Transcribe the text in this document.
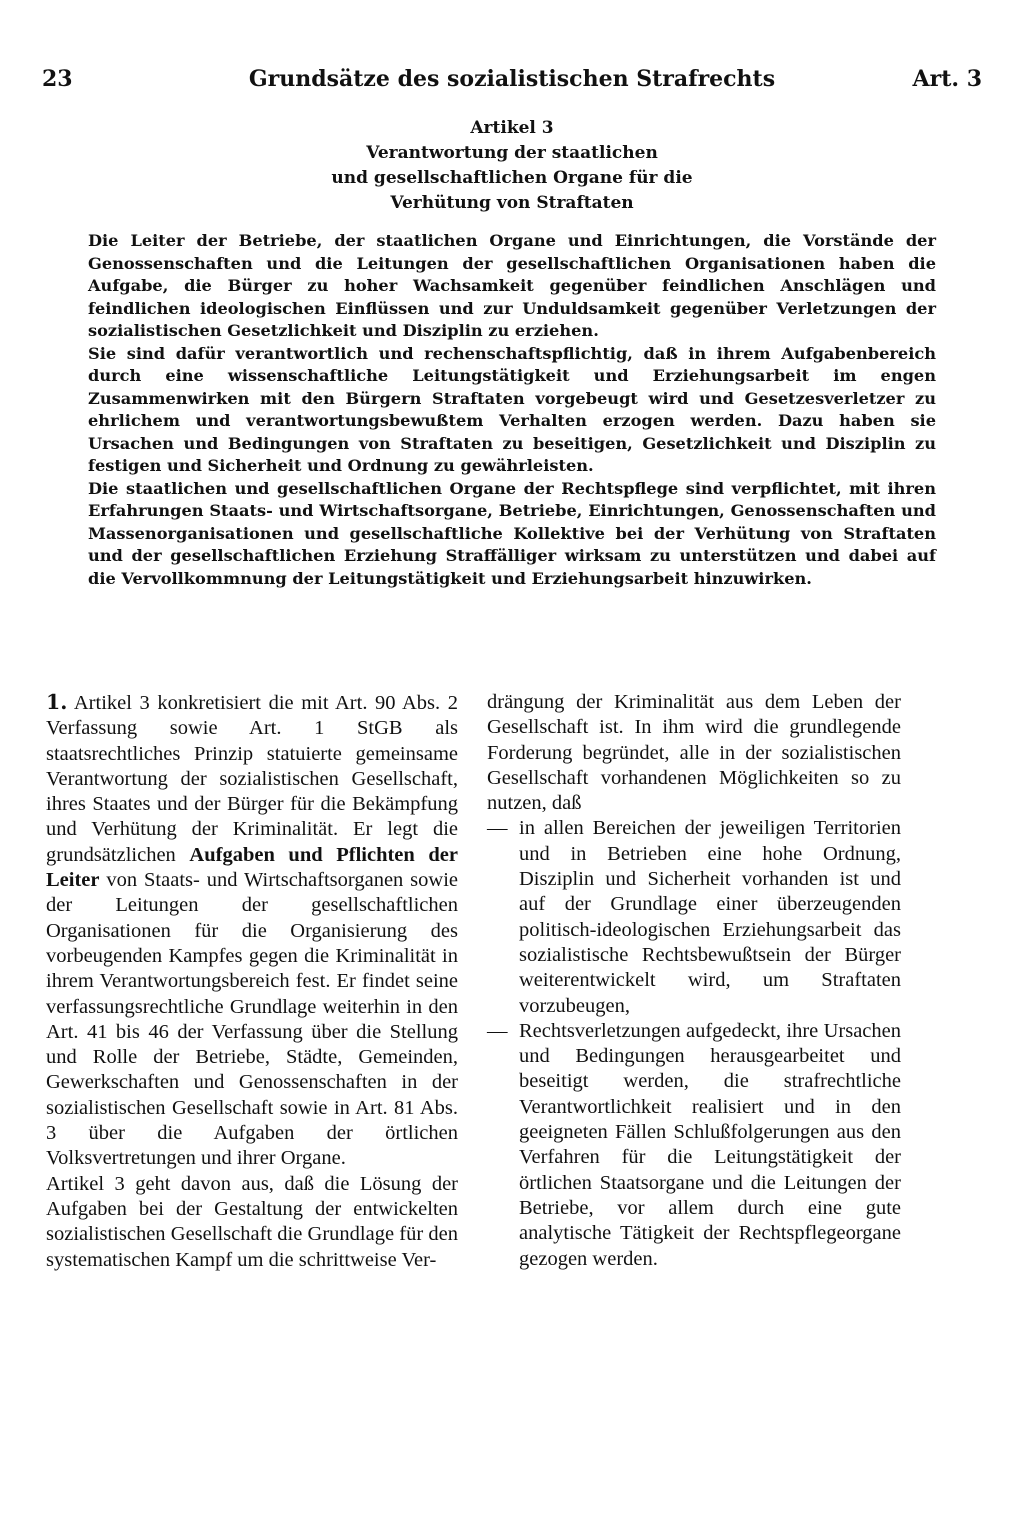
23	Grundsätze des sozialistischen Strafrechts	Art. 3
Artikel 3
Verantwortung der staatlichen
und gesellschaftlichen Organe für die
Verhütung von Straftaten

Die Leiter der Betriebe, der staatlichen Organe und Einrichtungen, die Vorstände der Genossenschaften und die Leitungen der gesellschaftlichen Organisationen haben die Aufgabe, die Bürger zu hoher Wachsamkeit gegenüber feindlichen Anschlägen und feindlichen ideologischen Einflüssen und zur Unduldsamkeit gegenüber Verletzungen der sozialistischen Gesetzlichkeit und Disziplin zu erziehen.

Sie sind dafür verantwortlich und rechenschaftspflichtig, daß in ihrem Aufgabenbereich durch eine wissenschaftliche Leitungstätigkeit und Erziehungsarbeit im engen Zusammenwirken mit den Bürgern Straftaten vorgebeugt wird und Gesetzesverletzer zu ehrlichem und verantwortungsbewußtem Verhalten erzogen werden. Dazu haben sie Ursachen und Bedingungen von Straftaten zu beseitigen, Gesetzlichkeit und Disziplin zu festigen und Sicherheit und Ordnung zu gewährleisten.

Die staatlichen und gesellschaftlichen Organe der Rechtspflege sind verpflichtet, mit ihren Erfahrungen Staats- und Wirtschaftsorgane, Betriebe, Einrichtungen, Genossenschaften und Massenorganisationen und gesellschaftliche Kollektive bei der Verhütung von Straftaten und der gesellschaftlichen Erziehung Straffälliger wirksam zu unterstützen und dabei auf die Vervollkommnung der Leitungstätigkeit und Erziehungsarbeit hinzuwirken.

1. Artikel 3 konkretisiert die mit Art. 90 Abs. 2 Verfassung sowie Art. 1 StGB als staatsrechtliches Prinzip statuierte gemeinsame Verantwortung der sozialistischen Gesellschaft, ihres Staates und der Bürger für die Bekämpfung und Verhütung der Kriminalität. Er legt die grundsätzlichen Aufgaben und Pflichten der Leiter von Staats- und Wirtschaftsorganen sowie der Leitungen der gesellschaftlichen Organisationen für die Organisierung des vorbeugenden Kampfes gegen die Kriminalität in ihrem Verantwortungsbereich fest. Er findet seine verfassungsrechtliche Grundlage weiterhin in den Art. 41 bis 46 der Verfassung über die Stellung und Rolle der Betriebe, Städte, Gemeinden, Gewerkschaften und Genossenschaften in der sozialistischen Gesellschaft sowie in Art. 81 Abs. 3 über die Aufgaben der örtlichen Volksvertretungen und ihrer Organe.

Artikel 3 geht davon aus, daß die Lösung der Aufgaben bei der Gestaltung der entwickelten sozialistischen Gesellschaft die Grundlage für den systematischen Kampf um die schrittweise Ver-

drängung der Kriminalität aus dem Leben der Gesellschaft ist. In ihm wird die grundlegende Forderung begründet, alle in der sozialistischen Gesellschaft vorhandenen Möglichkeiten so zu nutzen, daß

— in allen Bereichen der jeweiligen Territorien und in Betrieben eine hohe Ordnung, Disziplin und Sicherheit vorhanden ist und auf der Grundlage einer überzeugenden politisch-ideologischen Erziehungsarbeit das sozialistische Rechtsbewußtsein der Bürger weiterentwickelt wird, um Straftaten vorzubeugen,
— Rechtsverletzungen aufgedeckt, ihre Ursachen und Bedingungen herausgearbeitet und beseitigt werden, die strafrechtliche Verantwortlichkeit realisiert und in den geeigneten Fällen Schlußfolgerungen aus den Verfahren für die Leitungstätigkeit der örtlichen Staatsorgane und die Leitungen der Betriebe, vor allem durch eine gute analytische Tätigkeit der Rechtspflegeorgane gezogen werden.
